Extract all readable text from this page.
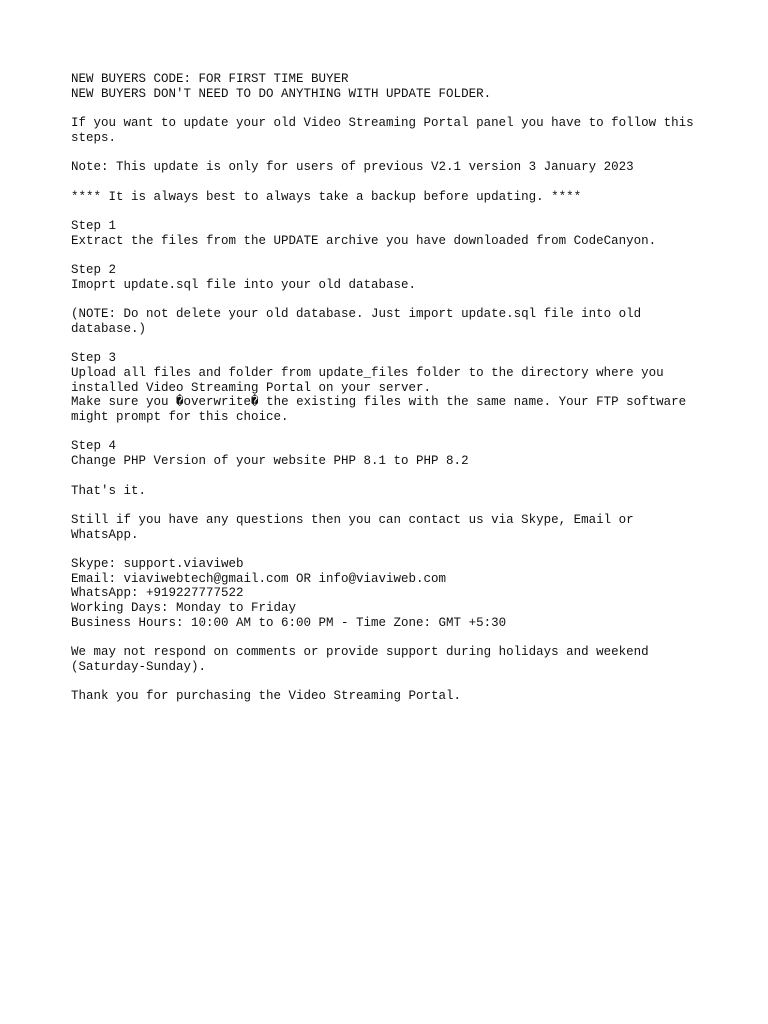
NEW BUYERS CODE: FOR FIRST TIME BUYER
NEW BUYERS DON'T NEED TO DO ANYTHING WITH UPDATE FOLDER.
If you want to update your old Video Streaming Portal panel you have to follow this
steps.
Note: This update is only for users of previous V2.1 version 3 January 2023
**** It is always best to always take a backup before updating. ****
Step 1
Extract the files from the UPDATE archive you have downloaded from CodeCanyon.
Step 2
Imoprt update.sql file into your old database.
(NOTE: Do not delete your old database. Just import update.sql file into old
database.)
Step 3
Upload all files and folder from update_files folder to the directory where you
installed Video Streaming Portal on your server.
Make sure you �overwrite� the existing files with the same name. Your FTP software
might prompt for this choice.
Step 4
Change PHP Version of your website PHP 8.1 to PHP 8.2
That's it.
Still if you have any questions then you can contact us via Skype, Email or
WhatsApp.
Skype: support.viaviweb
Email: viaviwebtech@gmail.com OR info@viaviweb.com
WhatsApp: +919227777522
Working Days: Monday to Friday
Business Hours: 10:00 AM to 6:00 PM - Time Zone: GMT +5:30
We may not respond on comments or provide support during holidays and weekend
(Saturday-Sunday).
Thank you for purchasing the Video Streaming Portal.
